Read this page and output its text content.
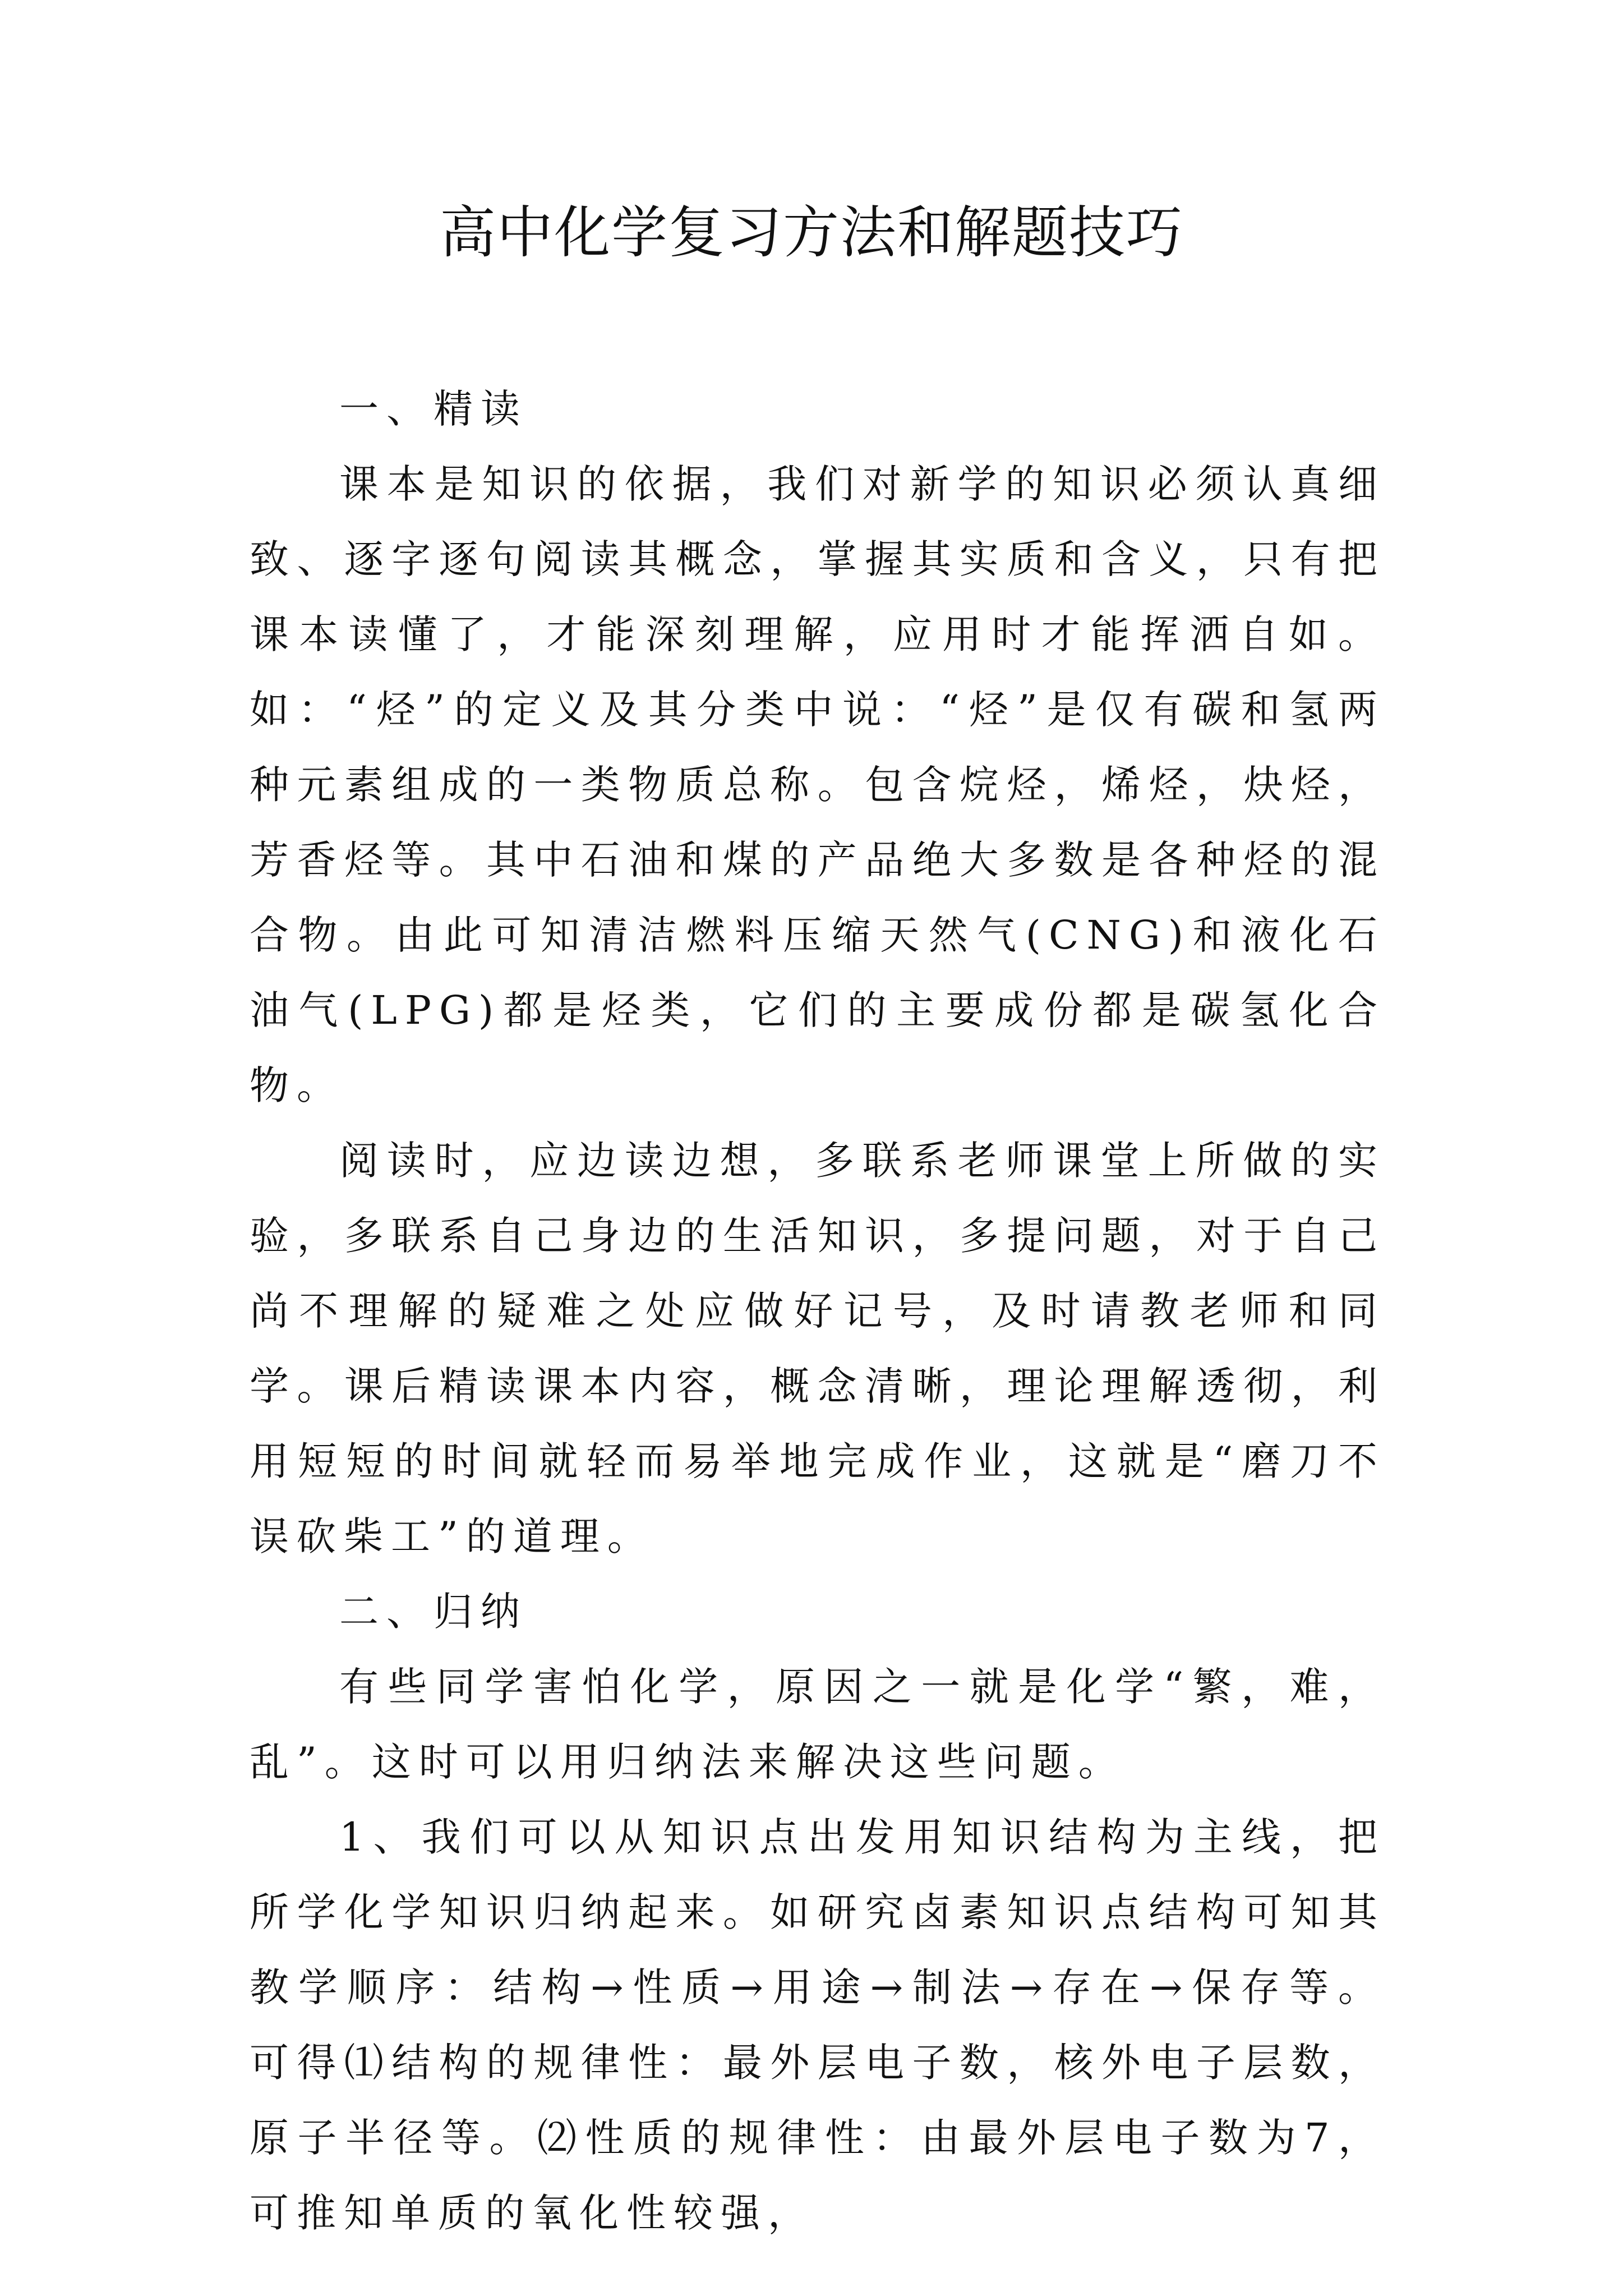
高中化学复习方法和解题技巧

一、精读

课本是知识的依据，我们对新学的知识必须认真细致、逐字逐句阅读其概念，掌握其实质和含义，只有把课本读懂了，才能深刻理解，应用时才能挥洒自如。如：“烃”的定义及其分类中说：“烃”是仅有碳和氢两种元素组成的一类物质总称。包含烷烃，烯烃，炔烃，芳香烃等。其中石油和煤的产品绝大多数是各种烃的混合物。由此可知清洁燃料压缩天然气(CNG)和液化石油气(LPG)都是烃类，它们的主要成份都是碳氢化合物。

阅读时，应边读边想，多联系老师课堂上所做的实验，多联系自己身边的生活知识，多提问题，对于自己尚不理解的疑难之处应做好记号，及时请教老师和同学。课后精读课本内容，概念清晰，理论理解透彻，利用短短的时间就轻而易举地完成作业，这就是“磨刀不误砍柴工”的道理。

二、归纳

有些同学害怕化学，原因之一就是化学“繁，难，乱”。这时可以用归纳法来解决这些问题。

1、我们可以从知识点出发用知识结构为主线，把所学化学知识归纳起来。如研究卤素知识点结构可知其教学顺序：结构→性质→用途→制法→存在→保存等。可得⑴结构的规律性：最外层电子数，核外电子层数，原子半径等。⑵性质的规律性：由最外层电子数为7，可推知单质的氧化性较强，
